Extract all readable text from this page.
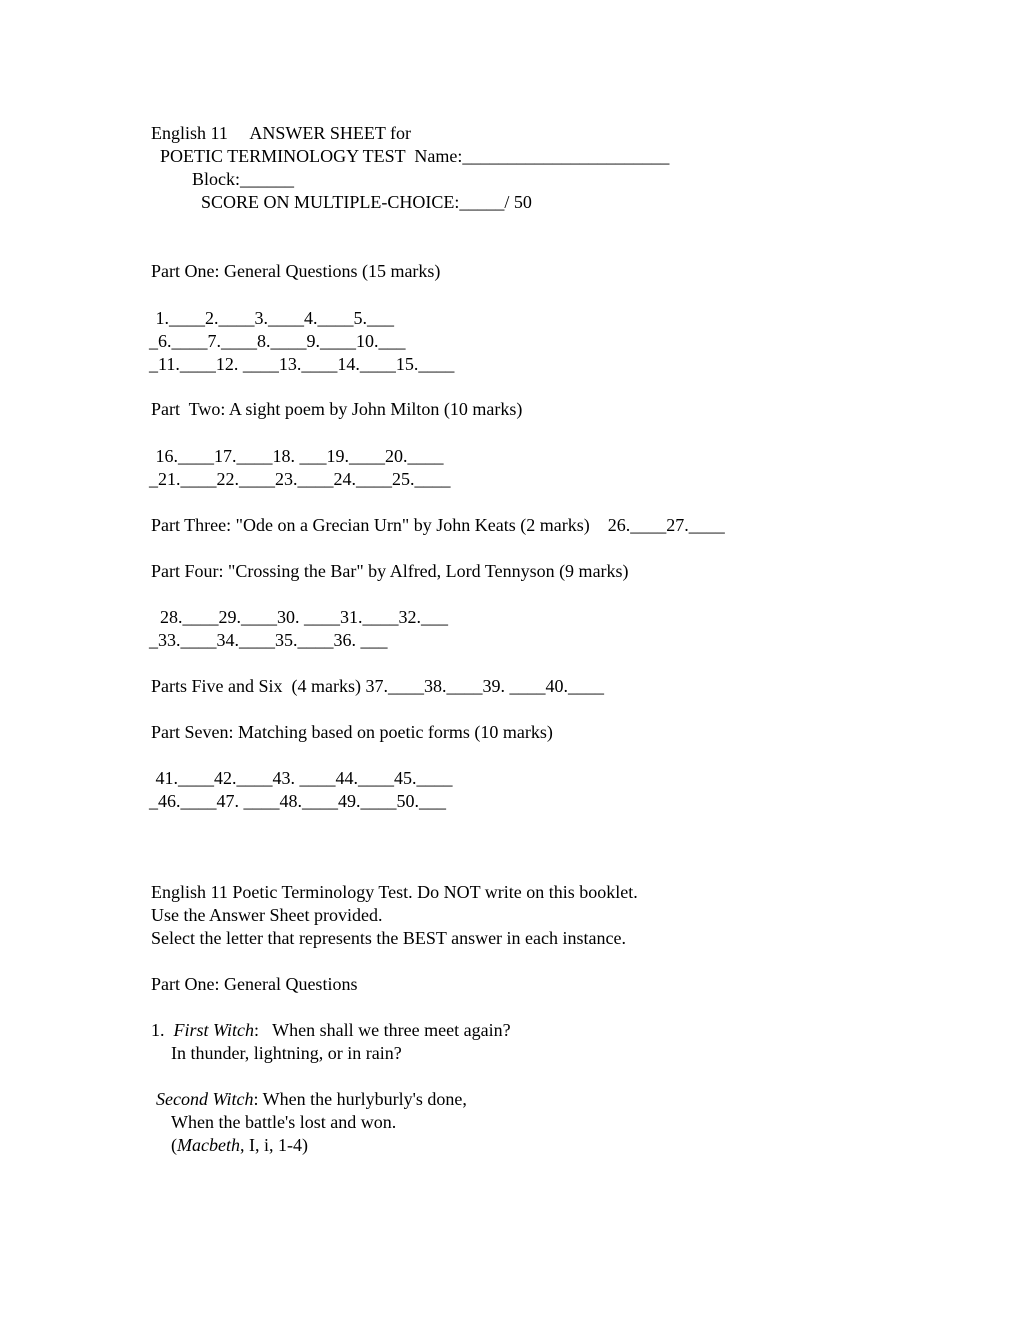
English 11     ANSWER SHEET for

POETIC TERMINOLOGY TEST  Name:_______________________

Block:______

SCORE ON MULTIPLE-CHOICE:_____/ 50

Part One: General Questions (15 marks)

1.____2.____3.____4.____5.___

_6.____7.____8.____9.____10.___

_11.____12. ____13.____14.____15.____

Part  Two: A sight poem by John Milton (10 marks)

16.____17.____18. ___19.____20.____

_21.____22.____23.____24.____25.____

Part Three: "Ode on a Grecian Urn" by John Keats (2 marks)    26.____27.____

Part Four: "Crossing the Bar" by Alfred, Lord Tennyson (9 marks)

28.____29.____30. ____31.____32.___

_33.____34.____35.____36. ___

Parts Five and Six  (4 marks) 37.____38.____39. ____40.____

Part Seven: Matching based on poetic forms (10 marks)

41.____42.____43. ____44.____45.____

_46.____47. ____48.____49.____50.___

English 11 Poetic Terminology Test. Do NOT write on this booklet.

Use the Answer Sheet provided.

Select the letter that represents the BEST answer in each instance.

Part One: General Questions

1.  First Witch:   When shall we three meet again?

In thunder, lightning, or in rain?

Second Witch: When the hurlyburly's done,

When the battle's lost and won.

(Macbeth, I, i, 1-4)
